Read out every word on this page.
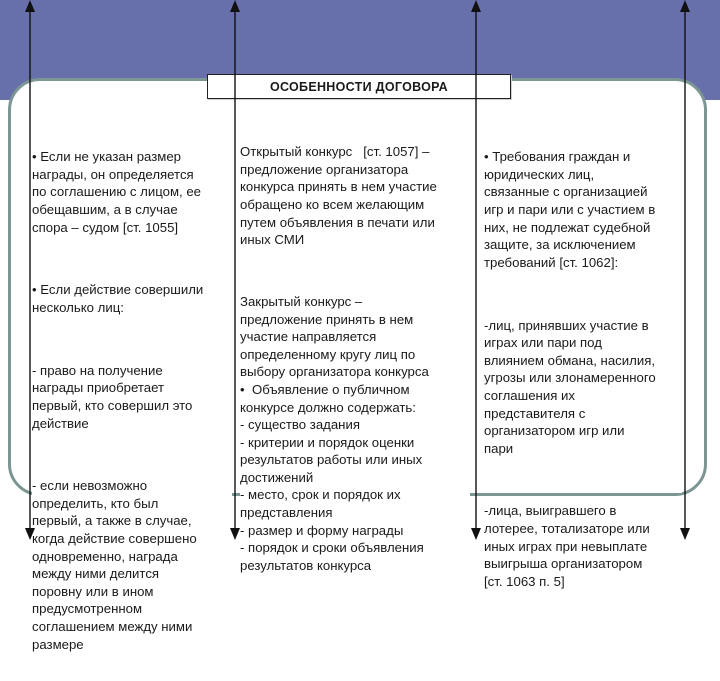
ОСОБЕННОСТИ ДОГОВОРА

• Если не указан размер
награды, он определяется
по соглашению с лицом, ее
обещавшим, а в случае
спора – судом [ст. 1055]

• Если действие совершили
несколько лиц:

- право на получение
награды приобретает
первый, кто совершил это
действие

- если невозможно
определить, кто был
первый, а также в случае,
когда действие совершено
одновременно, награда
между ними делится
поровну или в ином
предусмотренном
соглашением между ними
размере

Открытый конкурс   [ст. 1057] –
предложение организатора
конкурса принять в нем участие
обращено ко всем желающим
путем объявления в печати или
иных СМИ

Закрытый конкурс –
предложение принять в нем
участие направляется
определенному кругу лиц по
выбору организатора конкурса
•  Объявление о публичном
конкурсе должно содержать:
- существо задания
- критерии и порядок оценки
результатов работы или иных
достижений
- место, срок и порядок их
представления
- размер и форму награды
- порядок и сроки объявления
результатов конкурса

• Требования граждан и
юридических лиц,
связанные с организацией
игр и пари или с участием в
них, не подлежат судебной
защите, за исключением
требований [ст. 1062]:

-лиц, принявших участие в
играх или пари под
влиянием обмана, насилия,
угрозы или злонамеренного
соглашения их
представителя с
организатором игр или
пари

-лица, выигравшего в
лотерее, тотализаторе или
иных играх при невыплате
выигрыша организатором
[ст. 1063 п. 5]
